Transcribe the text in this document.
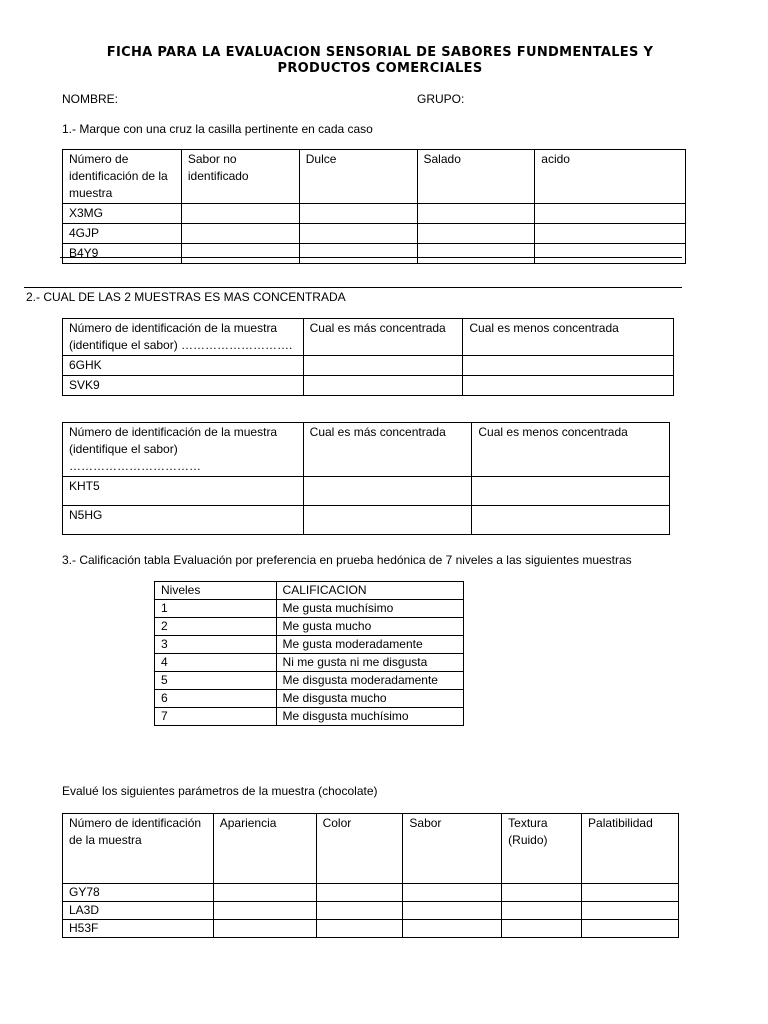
FICHA PARA LA EVALUACION SENSORIAL DE SABORES FUNDMENTALES Y
PRODUCTOS COMERCIALES
NOMBRE:	GRUPO:
1.- Marque con una cruz la casilla pertinente en cada caso
Número de identificación de la muestra	Sabor no identificado	Dulce	Salado	acido
X3MG				
4GJP				
B4Y9				
2.- CUAL DE LAS 2 MUESTRAS ES MAS CONCENTRADA
Número de identificación de la muestra
(identifique el sabor) ……………………….	Cual es más concentrada	Cual es menos concentrada
6GHK		
SVK9		
Número de identificación de la muestra
(identifique el sabor) ……………………………	Cual es más concentrada	Cual es menos concentrada
KHT5		
N5HG		
3.- Calificación tabla Evaluación por preferencia en prueba hedónica de 7 niveles a las siguientes muestras
Niveles	CALIFICACION
1	Me gusta muchísimo
2	Me gusta mucho
3	Me gusta moderadamente
4	Ni me gusta ni me disgusta
5	Me disgusta moderadamente
6	Me disgusta mucho
7	Me disgusta muchísimo
Evalué los siguientes parámetros de la muestra (chocolate)
Número de identificación de la muestra	Apariencia	Color	Sabor	Textura (Ruido)	Palatibilidad
GY78					
LA3D					
H53F					
